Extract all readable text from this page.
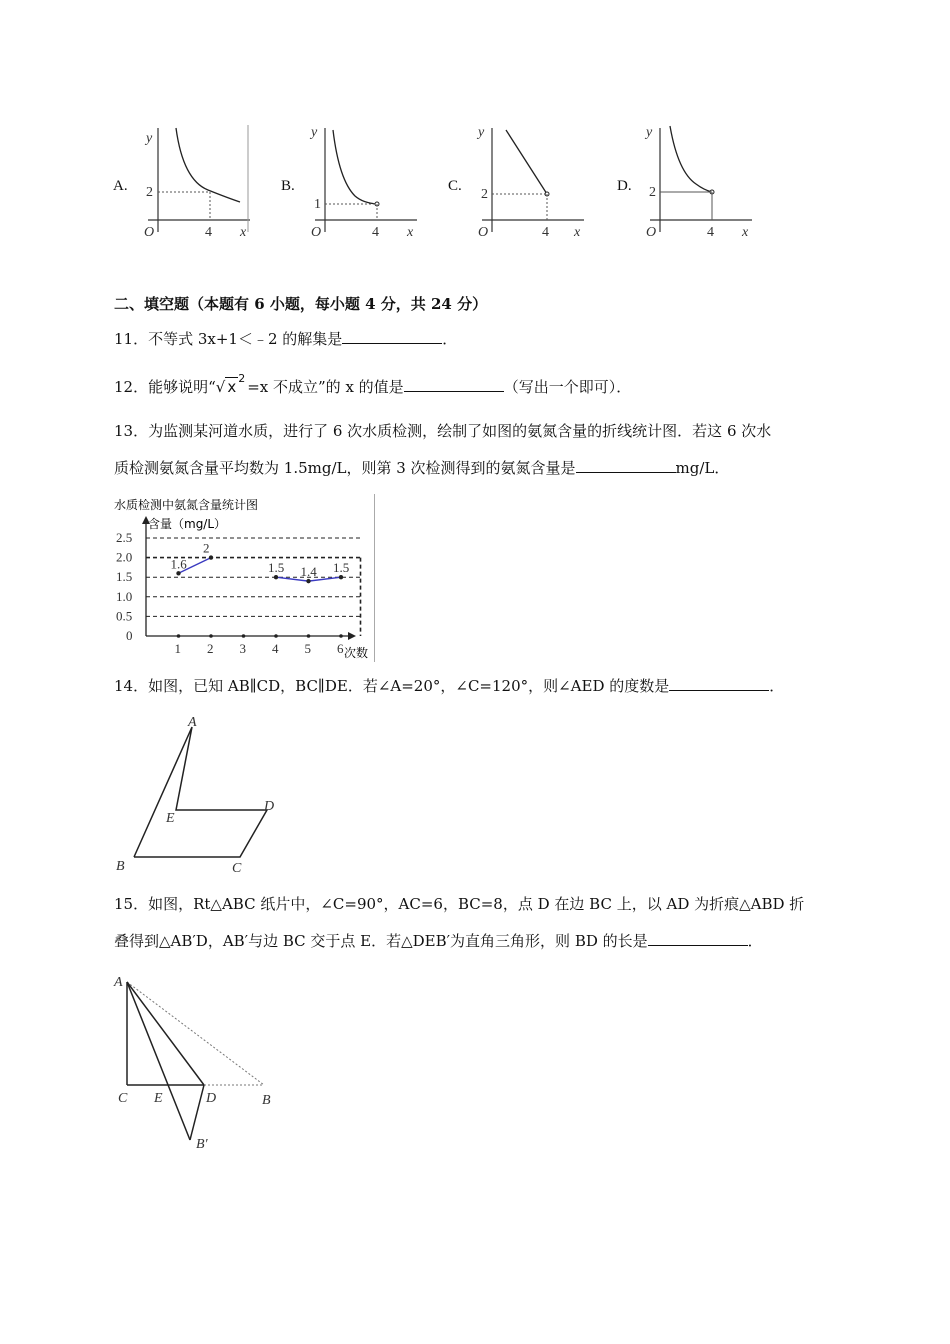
A.
y
2
4
O	x
B.
y
1
4
O	x
C.
y
2
4
O	x
D.
y
2
4
O	x
二、填空题（本题有 6 小题，每小题 4 分，共 24 分）
11．不等式 3x+1＜﹣2 的解集是	．
12．能够说明“√ x $^2$ =x 不成立”的 x 的值是	（写出一个即可）．
13．为监测某河道水质，进行了 6 次水质检测，绘制了如图的氨氮含量的折线统计图．若这 6 次水
质检测氨氮含量平均数为 1.5mg/L，则第 3 次检测得到的氨氮含量是	mg/L．
水质检测中氨氮含量统计图
含量（mg/L）
次数
0
0.5
1.0
1.5
2.0
2.5
1 2 3 4 5 6
1.6
2
1.5 1.4 1.5
14．如图，已知 AB∥CD，BC∥DE．若∠A=20°，∠C=120°，则∠AED 的度数是	．
A
E
D
B	C
15．如图，Rt△ABC 纸片中，∠C=90°，AC=6，BC=8，点 D 在边 BC 上，以 AD 为折痕△ABD 折
叠得到△AB′D，AB′与边 BC 交于点 E．若△DEB′为直角三角形，则 BD 的长是	．
A
C E	D	B
B′
